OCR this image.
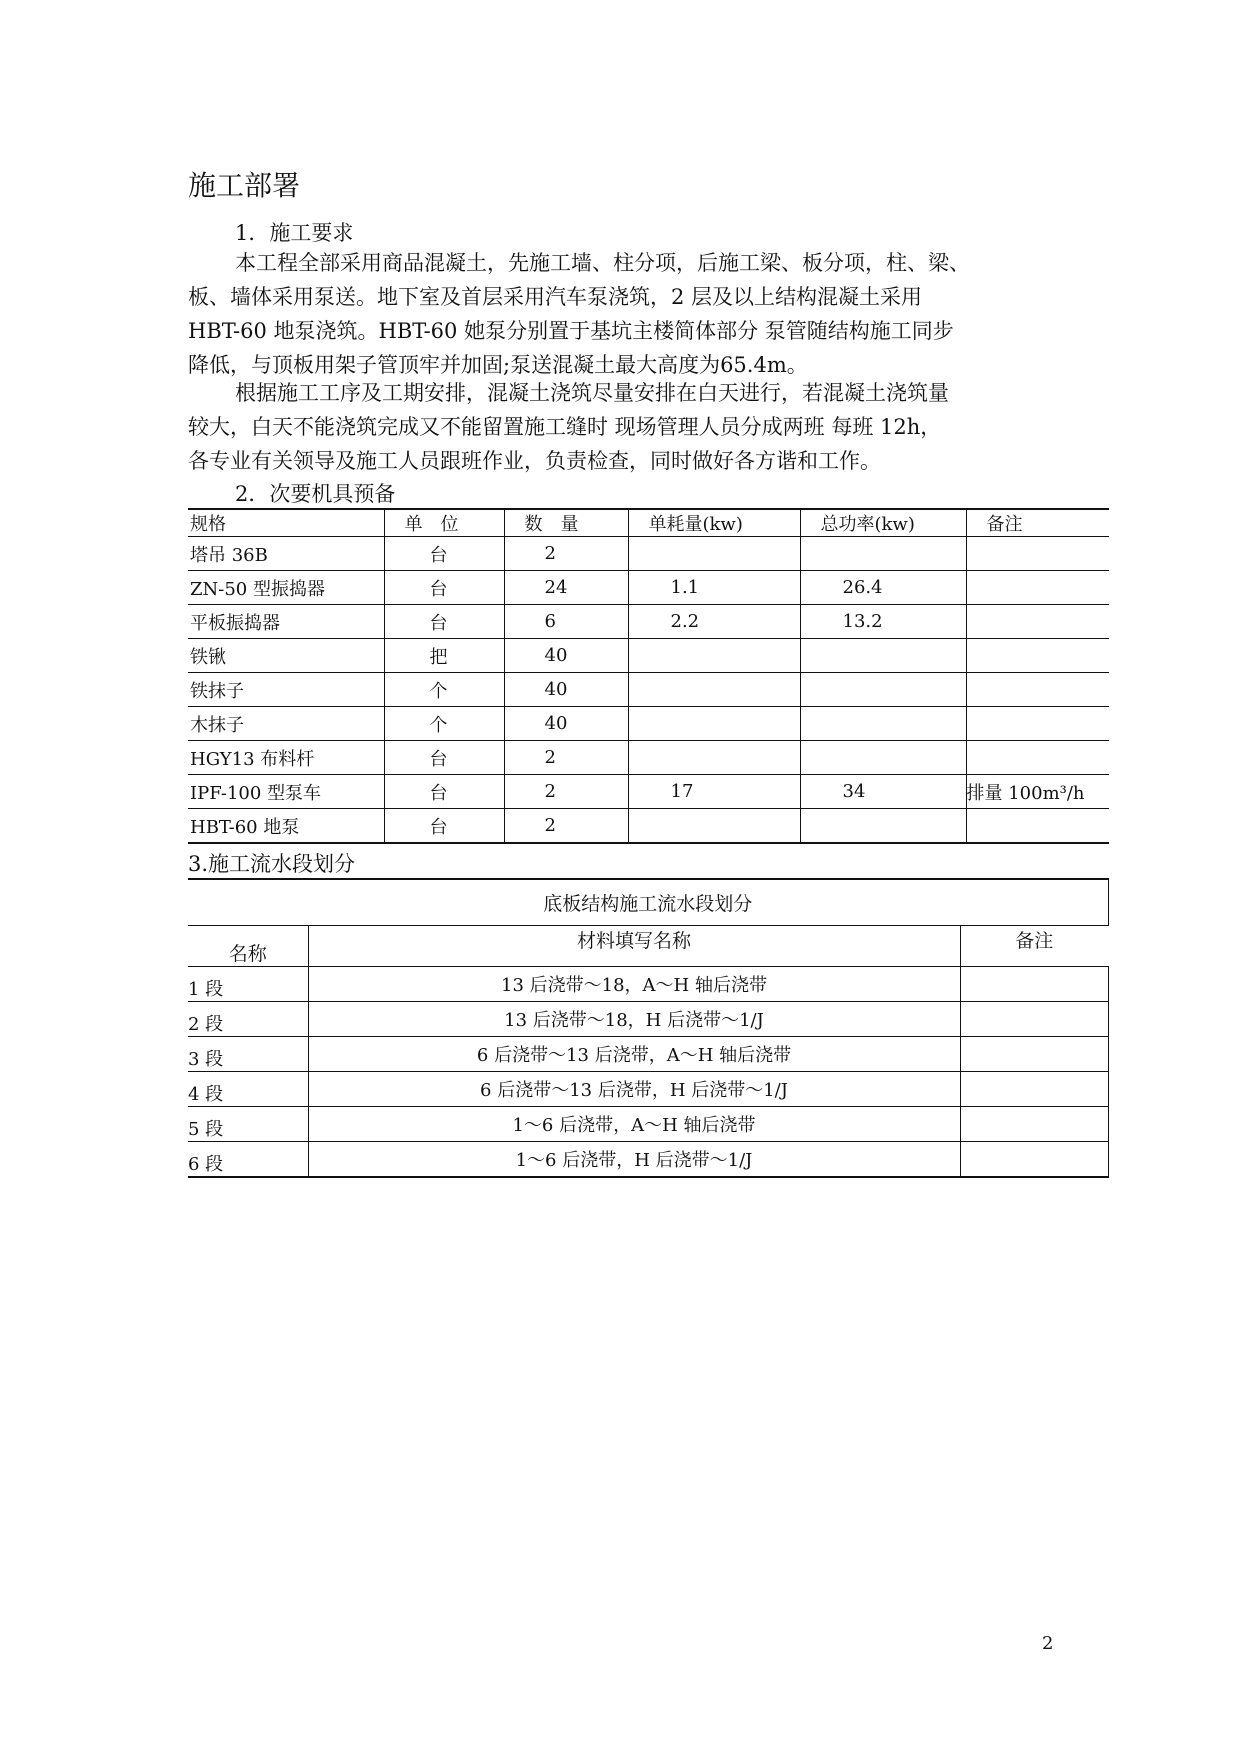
施工部署
1．施工要求
本工程全部采用商品混凝土，先施工墙、柱分项，后施工梁、板分项，柱、梁、
板、墙体采用泵送。地下室及首层采用汽车泵浇筑，2 层及以上结构混凝土采用
HBT-60 地泵浇筑。HBT-60 她泵分别置于基坑主楼简体部分 泵管随结构施工同步
降低，与顶板用架子管顶牢并加固;泵送混凝土最大高度为65.4m。
根据施工工序及工期安排，混凝土浇筑尽量安排在白天进行，若混凝土浇筑量
较大，白天不能浇筑完成又不能留置施工缝时 现场管理人员分成两班 每班 12h，
各专业有关领导及施工人员跟班作业，负责检查，同时做好各方谐和工作。
2．次要机具预备
规格	单　位	数　量	单耗量(kw)	总功率(kw)	备注
塔吊 36B	台	2			
ZN-50 型振捣器	台	24	1.1	26.4	
平板振捣器	台	6	2.2	13.2	
铁锹	把	40			
铁抹子	个	40			
木抹子	个	40			
HGY13 布料杆	台	2			
IPF-100 型泵车	台	2	17	34	排量 100m³/h
HBT-60 地泵	台	2			
3.施工流水段划分
底板结构施工流水段划分		
名称	材料填写名称	备注
1 段	13 后浇带～18，A～H 轴后浇带	
2 段	13 后浇带～18，H 后浇带～1/J	
3 段	6 后浇带～13 后浇带，A～H 轴后浇带	
4 段	6 后浇带～13 后浇带，H 后浇带～1/J	
5 段	1～6 后浇带，A～H 轴后浇带	
6 段	1～6 后浇带，H 后浇带～1/J	
2
